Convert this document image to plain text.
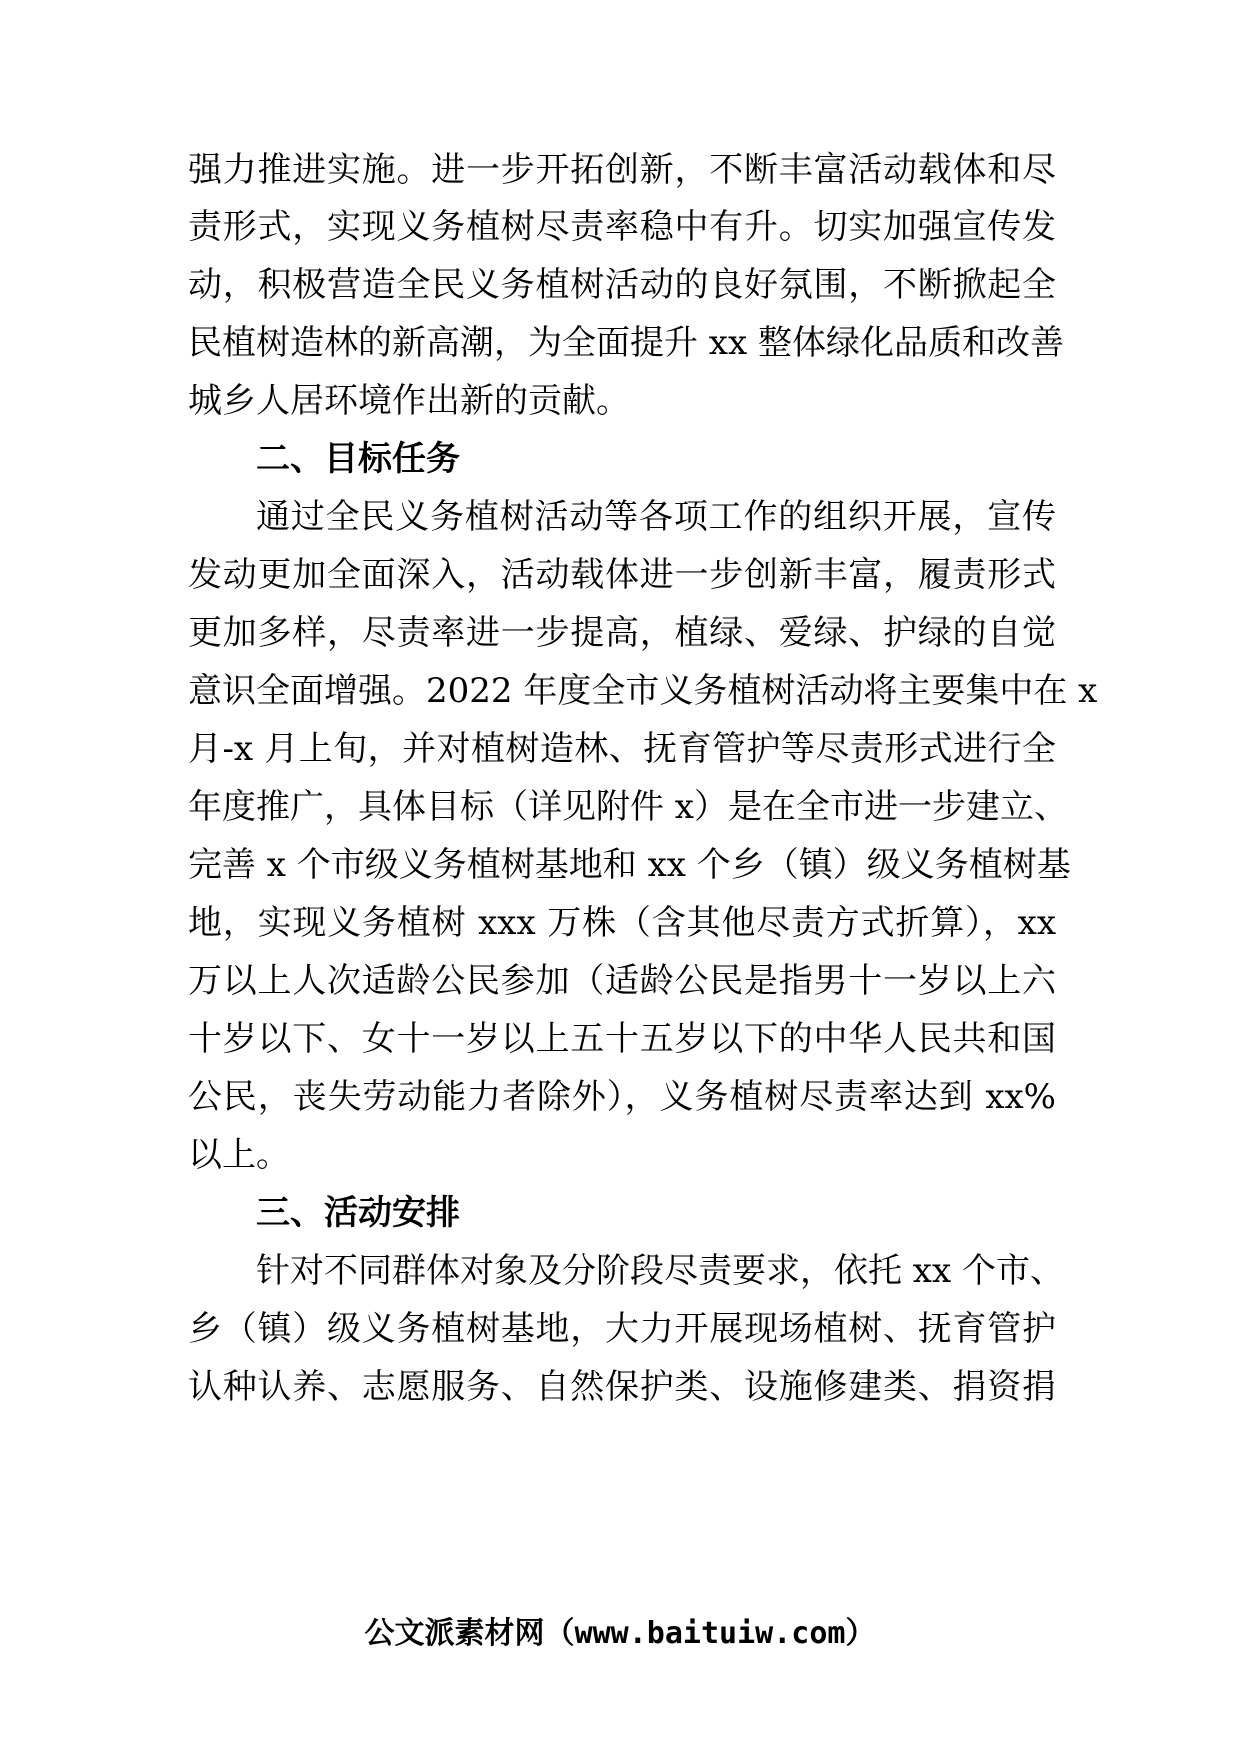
强力推进实施。进一步开拓创新，不断丰富活动载体和尽
责形式，实现义务植树尽责率稳中有升。切实加强宣传发
动，积极营造全民义务植树活动的良好氛围，不断掀起全
民植树造林的新高潮，为全面提升 xx 整体绿化品质和改善
城乡人居环境作出新的贡献。
二、目标任务
通过全民义务植树活动等各项工作的组织开展，宣传
发动更加全面深入，活动载体进一步创新丰富，履责形式
更加多样，尽责率进一步提高，植绿、爱绿、护绿的自觉
意识全面增强。2022 年度全市义务植树活动将主要集中在 x
月-x 月上旬，并对植树造林、抚育管护等尽责形式进行全
年度推广，具体目标（详见附件 x）是在全市进一步建立、
完善 x 个市级义务植树基地和 xx 个乡（镇）级义务植树基
地，实现义务植树 xxx 万株（含其他尽责方式折算），xx
万以上人次适龄公民参加（适龄公民是指男十一岁以上六
十岁以下、女十一岁以上五十五岁以下的中华人民共和国
公民，丧失劳动能力者除外），义务植树尽责率达到 xx%
以上。
三、活动安排
针对不同群体对象及分阶段尽责要求，依托 xx 个市、
乡（镇）级义务植树基地，大力开展现场植树、抚育管护
认种认养、志愿服务、自然保护类、设施修建类、捐资捐
公文派素材网（www.baituiw.com）
